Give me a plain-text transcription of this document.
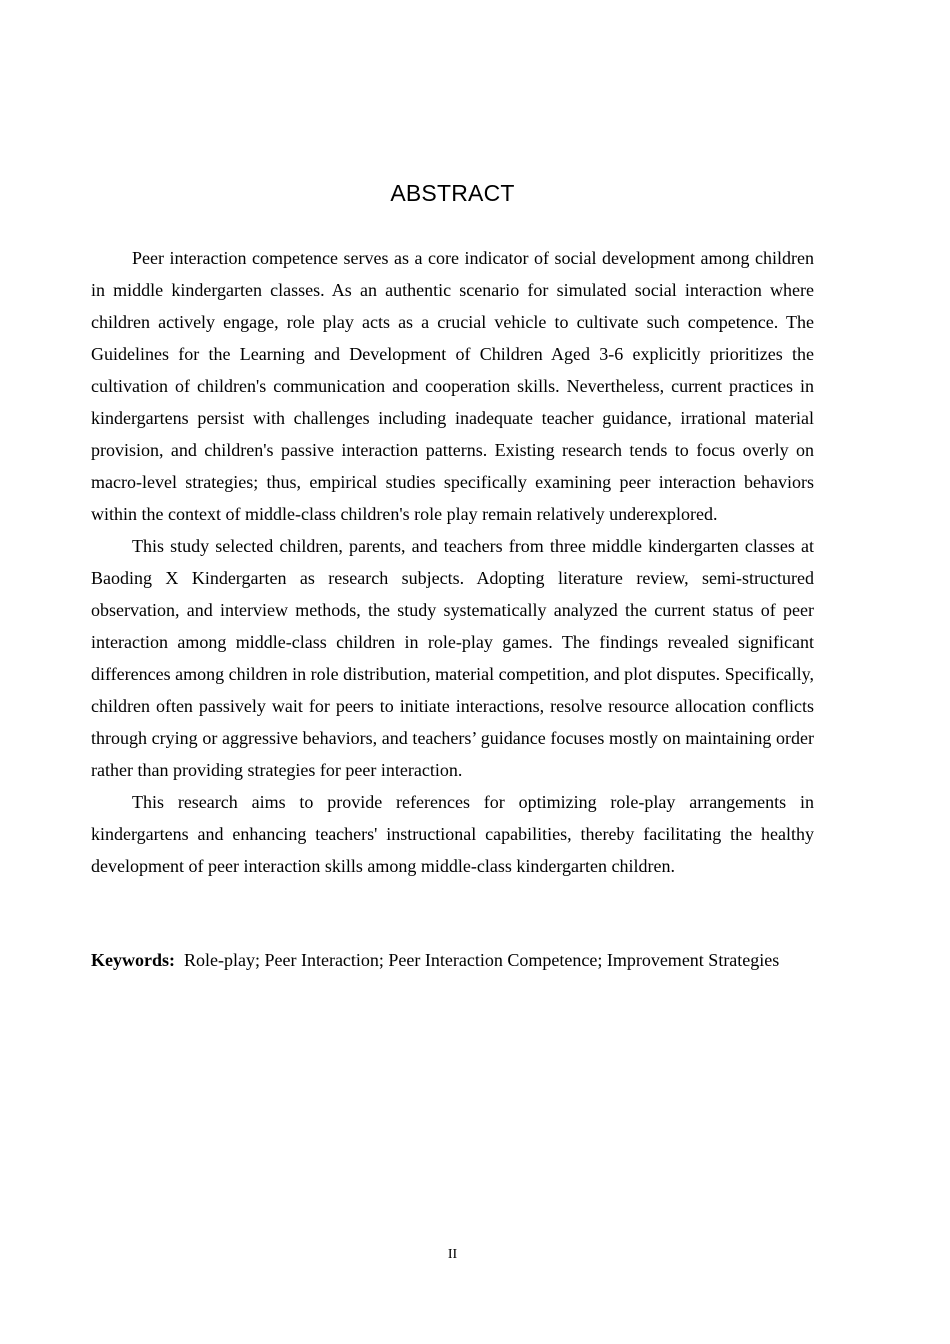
ABSTRACT

Peer interaction competence serves as a core indicator of social development among children in middle kindergarten classes. As an authentic scenario for simulated social interaction where children actively engage, role play acts as a crucial vehicle to cultivate such competence. The Guidelines for the Learning and Development of Children Aged 3-6 explicitly prioritizes the cultivation of children's communication and cooperation skills. Nevertheless, current practices in kindergartens persist with challenges including inadequate teacher guidance, irrational material provision, and children's passive interaction patterns. Existing research tends to focus overly on macro-level strategies; thus, empirical studies specifically examining peer interaction behaviors within the context of middle-class children's role play remain relatively underexplored.

This study selected children, parents, and teachers from three middle kindergarten classes at Baoding X Kindergarten as research subjects. Adopting literature review, semi-structured observation, and interview methods, the study systematically analyzed the current status of peer interaction among middle-class children in role-play games. The findings revealed significant differences among children in role distribution, material competition, and plot disputes. Specifically, children often passively wait for peers to initiate interactions, resolve resource allocation conflicts through crying or aggressive behaviors, and teachers’ guidance focuses mostly on maintaining order rather than providing strategies for peer interaction.

This research aims to provide references for optimizing role-play arrangements in kindergartens and enhancing teachers' instructional capabilities, thereby facilitating the healthy development of peer interaction skills among middle-class kindergarten children.

Keywords: Role-play; Peer Interaction; Peer Interaction Competence; Improvement Strategies

II
